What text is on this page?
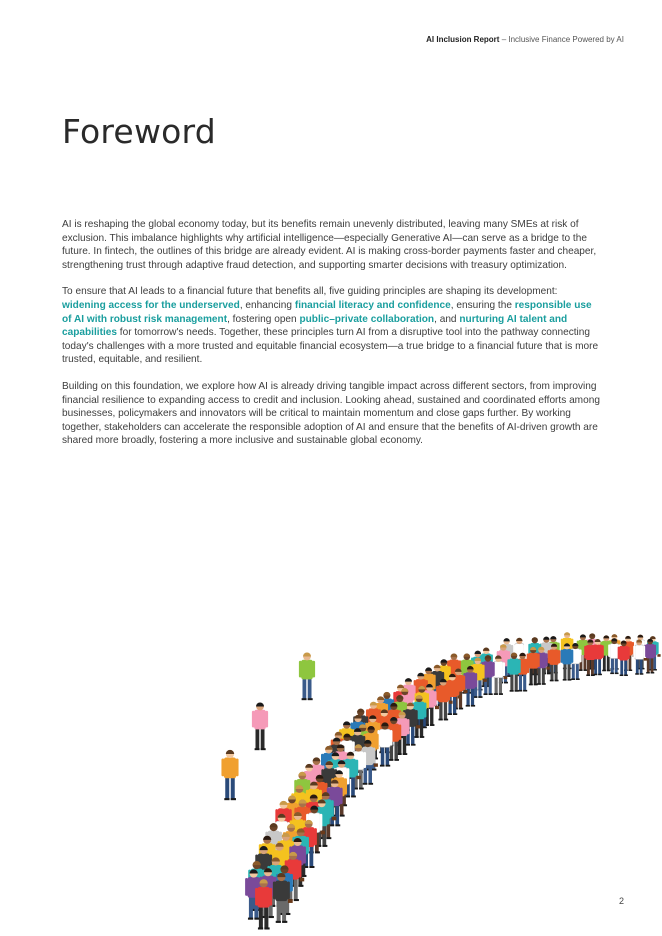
AI Inclusion Report – Inclusive Finance Powered by AI
Foreword

AI is reshaping the global economy today, but its benefits remain unevenly distributed, leaving many SMEs at risk of exclusion. This imbalance highlights why artificial intelligence—especially Generative AI—can serve as a bridge to the future. In fintech, the outlines of this bridge are already evident. AI is making cross-border payments faster and cheaper, strengthening trust through adaptive fraud detection, and supporting smarter decisions with treasury optimization.

To ensure that AI leads to a financial future that benefits all, five guiding principles are shaping its development: widening access for the underserved, enhancing financial literacy and confidence, ensuring the responsible use of AI with robust risk management, fostering open public–private collaboration, and nurturing AI talent and capabilities for tomorrow's needs. Together, these principles turn AI from a disruptive tool into the pathway connecting today's challenges with a more trusted and equitable financial ecosystem—a true bridge to a financial future that is more trusted, equitable, and resilient.

Building on this foundation, we explore how AI is already driving tangible impact across different sectors, from improving financial resilience to expanding access to credit and inclusion. Looking ahead, sustained and coordinated efforts among businesses, policymakers and innovators will be critical to maintain momentum and close gaps further. By working together, stakeholders can accelerate the responsible adoption of AI and ensure that the benefits of AI-driven growth are shared more broadly, fostering a more inclusive and sustainable global economy.

2
